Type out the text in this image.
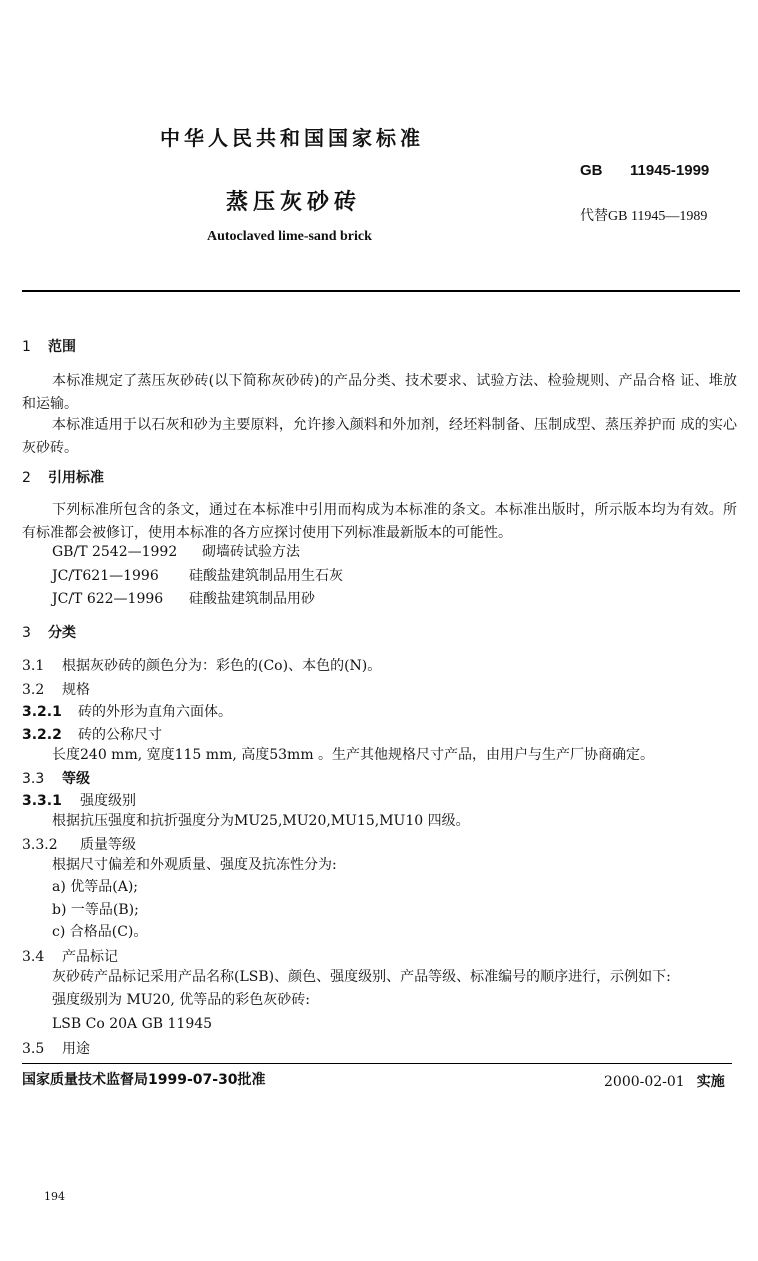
中华人民共和国国家标准
GB 11945-1999
蒸压灰砂砖
代替GB 11945—1989
Autoclaved lime-sand brick
1 范围
本标准规定了蒸压灰砂砖(以下简称灰砂砖)的产品分类、技术要求、试验方法、检验规则、产品合格 证、堆放和运输。
本标准适用于以石灰和砂为主要原料，允许掺入颜料和外加剂，经坯料制备、压制成型、蒸压养护而 成的实心灰砂砖。
2 引用标准
下列标准所包含的条文，通过在本标准中引用而构成为本标准的条文。本标准出版时，所示版本均为有效。所有标准都会被修订，使用本标准的各方应探讨使用下列标准最新版本的可能性。
GB/T 2542—1992 砌墙砖试验方法
JC/T621—1996 硅酸盐建筑制品用生石灰
JC/T 622—1996 硅酸盐建筑制品用砂
3 分类
3.1 根据灰砂砖的颜色分为：彩色的(Co)、本色的(N)。
3.2 规格
3.2.1 砖的外形为直角六面体。
3.2.2 砖的公称尺寸
长度240 mm, 宽度115 mm, 高度53mm 。生产其他规格尺寸产品，由用户与生产厂协商确定。
3.3 等级
3.3.1 强度级别
根据抗压强度和抗折强度分为MU25,MU20,MU15,MU10 四级。
3.3.2 质量等级
根据尺寸偏差和外观质量、强度及抗冻性分为:
a) 优等品(A);
b) 一等品(B);
c) 合格品(C)。
3.4 产品标记
灰砂砖产品标记采用产品名称(LSB)、颜色、强度级别、产品等级、标准编号的顺序进行，示例如下:
强度级别为 MU20, 优等品的彩色灰砂砖:
LSB Co 20A GB 11945
3.5 用途
国家质量技术监督局1999-07-30批准	2000-02-01 实施
194
